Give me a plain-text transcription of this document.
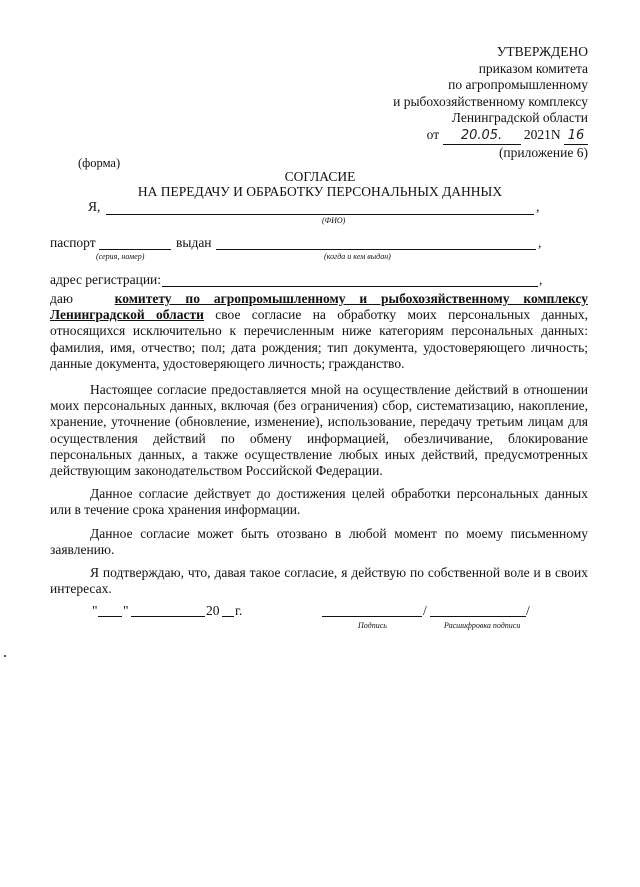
УТВЕРЖДЕНО
приказом комитета
по агропромышленному
и рыбохозяйственному комплексу
Ленинградской области
от 20.05. 2021N 16
(приложение 6)
(форма)
СОГЛАСИЕ
НА ПЕРЕДАЧУ И ОБРАБОТКУ ПЕРСОНАЛЬНЫХ ДАННЫХ
Я,	,
(ФИО)
паспорт	выдан	,
(серия, номер)	(когда и кем выдан)
адрес регистрации:	,

даю	комитету по агропромышленному и рыбохозяйственному комплексу Ленинградской области свое согласие на обработку моих персональных данных, относящихся исключительно к перечисленным ниже категориям персональных данных: фамилия, имя, отчество; пол; дата рождения; тип документа, удостоверяющего личность; данные документа, удостоверяющего личность; гражданство.

Настоящее согласие предоставляется мной на осуществление действий в отношении моих персональных данных, включая (без ограничения) сбор, систематизацию, накопление, хранение, уточнение (обновление, изменение), использование, передачу третьим лицам для осуществления действий по обмену информацией, обезличивание, блокирование персональных данных, а также осуществление любых иных действий, предусмотренных действующим законодательством Российской Федерации.

Данное согласие действует до достижения целей обработки персональных данных или в течение срока хранения информации.

Данное согласие может быть отозвано в любой момент по моему письменному заявлению.

Я подтверждаю, что, давая такое согласие, я действую по собственной воле и в своих интересах.

" "	20 г.	/	/
Подпись	Расшифровка подписи
